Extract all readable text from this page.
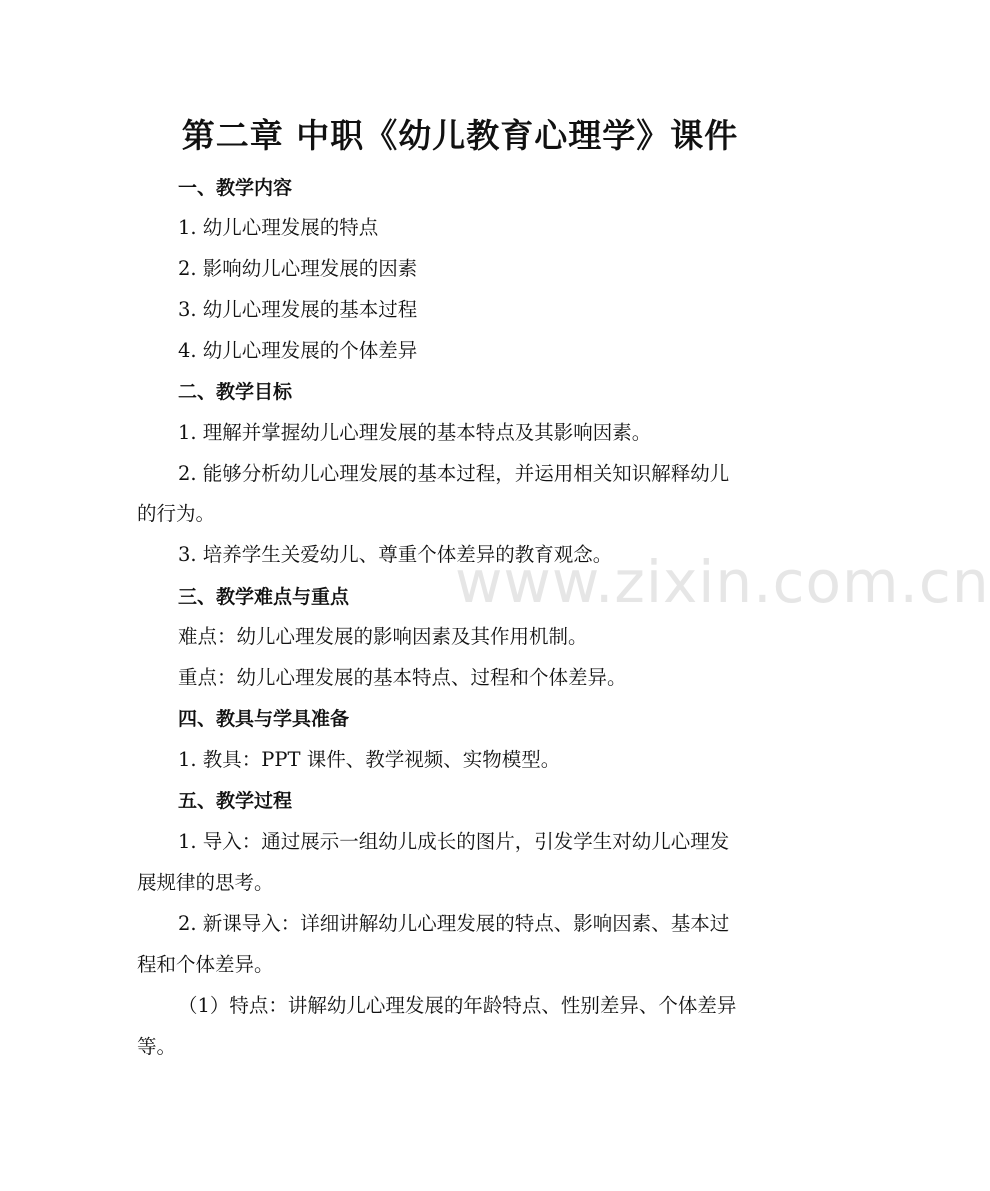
www.zixin.com.cn
第二章 中职《幼儿教育心理学》课件
一、教学内容
1. 幼儿心理发展的特点
2. 影响幼儿心理发展的因素
3. 幼儿心理发展的基本过程
4. 幼儿心理发展的个体差异
二、教学目标
1. 理解并掌握幼儿心理发展的基本特点及其影响因素。
2. 能够分析幼儿心理发展的基本过程，并运用相关知识解释幼儿
的行为。
3. 培养学生关爱幼儿、尊重个体差异的教育观念。
三、教学难点与重点
难点：幼儿心理发展的影响因素及其作用机制。
重点：幼儿心理发展的基本特点、过程和个体差异。
四、教具与学具准备
1. 教具：PPT 课件、教学视频、实物模型。
五、教学过程
1. 导入：通过展示一组幼儿成长的图片，引发学生对幼儿心理发
展规律的思考。
2. 新课导入：详细讲解幼儿心理发展的特点、影响因素、基本过
程和个体差异。
（1）特点：讲解幼儿心理发展的年龄特点、性别差异、个体差异
等。
